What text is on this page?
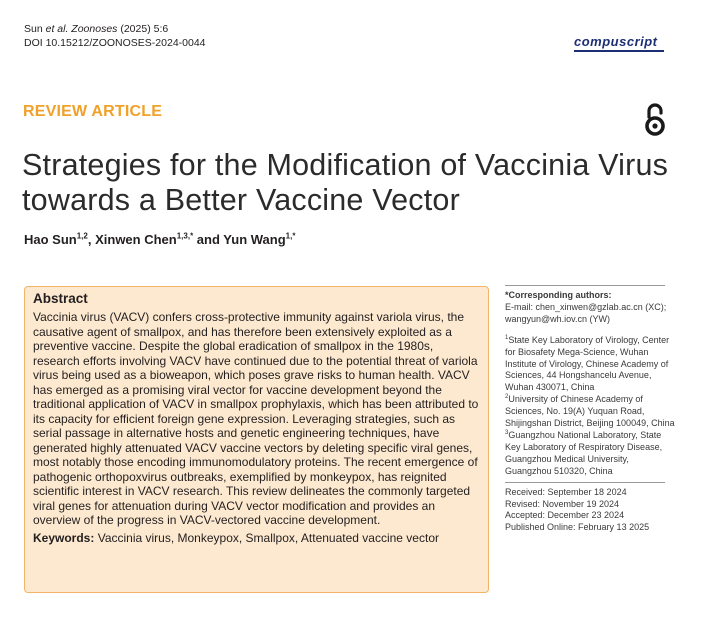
Sun et al. Zoonoses (2025) 5:6
DOI 10.15212/ZOONOSES-2024-0044	compuscript
REVIEW ARTICLE
Strategies for the Modification of Vaccinia Virus towards a Better Vaccine Vector
Hao Sun$^{1,2}$, Xinwen Chen$^{1,3,*}$ and Yun Wang$^{1,*}$
Abstract

Vaccinia virus (VACV) confers cross-protective immunity against variola virus, the causative agent of smallpox, and has therefore been extensively exploited as a preventive vaccine. Despite the global eradication of smallpox in the 1980s, research efforts involving VACV have continued due to the potential threat of variola virus being used as a bioweapon, which poses grave risks to human health. VACV has emerged as a promising viral vector for vaccine development beyond the traditional application of VACV in smallpox prophylaxis, which has been attributed to its capacity for efficient foreign gene expression. Leveraging strategies, such as serial passage in alternative hosts and genetic engineering techniques, have generated highly attenuated VACV vaccine vectors by deleting specific viral genes, most notably those encoding immunomodulatory proteins. The recent emergence of pathogenic orthopoxvirus outbreaks, exemplified by monkeypox, has reignited scientific interest in VACV research. This review delineates the commonly targeted viral genes for attenuation during VACV vector modification and provides an overview of the progress in VACV-vectored vaccine development.

Keywords: Vaccinia virus, Monkeypox, Smallpox, Attenuated vaccine vector
*Corresponding authors:
E-mail: chen_xinwen@gzlab.ac.cn (XC); wangyun@wh.iov.cn (YW)
$^1$State Key Laboratory of Virology, Center for Biosafety Mega-Science, Wuhan Institute of Virology, Chinese Academy of Sciences, 44 Hongshancelu Avenue, Wuhan 430071, China
$^2$University of Chinese Academy of Sciences, No. 19(A) Yuquan Road, Shijingshan District, Beijing 100049, China
$^3$Guangzhou National Laboratory, State Key Laboratory of Respiratory Disease, Guangzhou Medical University, Guangzhou 510320, China
Received: September 18 2024
Revised: November 19 2024
Accepted: December 23 2024
Published Online: February 13 2025
